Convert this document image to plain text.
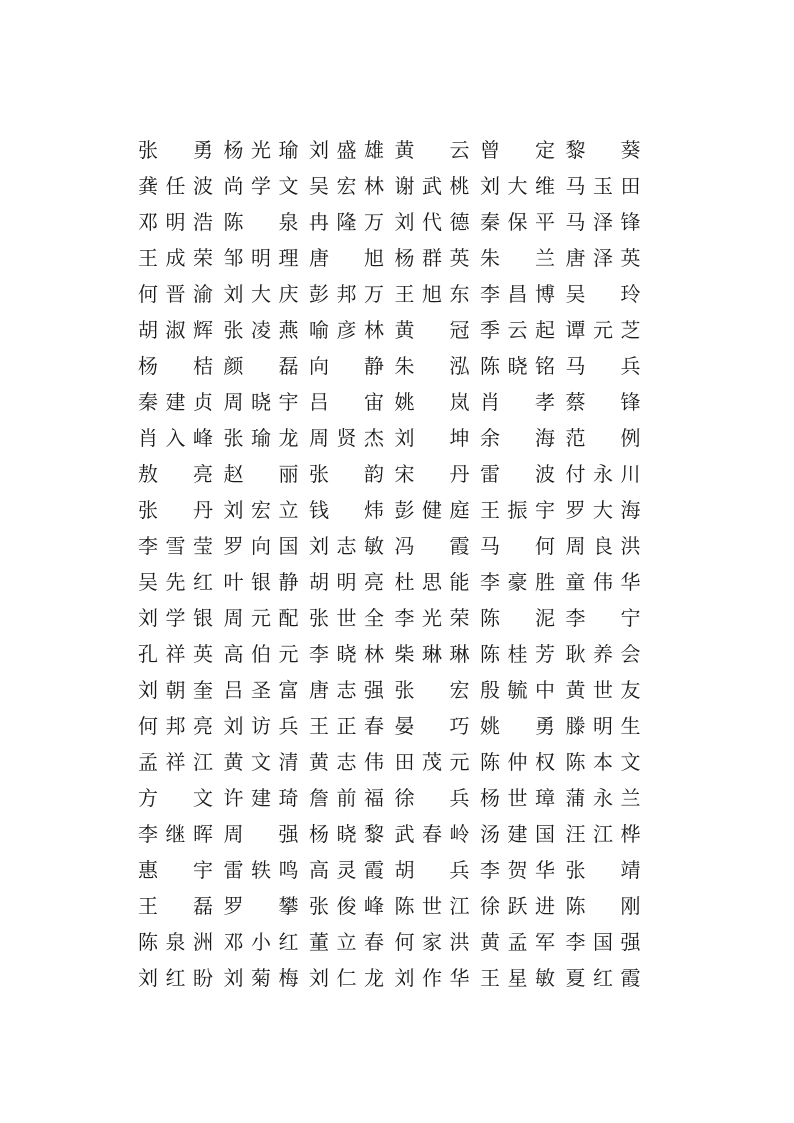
张 勇 杨 光 瑜 刘 盛 雄 黄 云 曾 定 黎 葵
龚 任 波 尚 学 文 吴 宏 林 谢 武 桃 刘 大 维 马 玉 田
邓 明 浩 陈 泉 冉 隆 万 刘 代 德 秦 保 平 马 泽 锋
王 成 荣 邹 明 理 唐 旭 杨 群 英 朱 兰 唐 泽 英
何 晋 渝 刘 大 庆 彭 邦 万 王 旭 东 李 昌 博 吴 玲
胡 淑 辉 张 凌 燕 喻 彦 林 黄 冠 季 云 起 谭 元 芝
杨 桔 颜 磊 向 静 朱 泓 陈 晓 铭 马 兵
秦 建 贞 周 晓 宇 吕 宙 姚 岚 肖 孝 蔡 锋
肖 入 峰 张 瑜 龙 周 贤 杰 刘 坤 余 海 范 例
敖 亮 赵 丽 张 韵 宋 丹 雷 波 付 永 川
张 丹 刘 宏 立 钱 炜 彭 健 庭 王 振 宇 罗 大 海
李 雪 莹 罗 向 国 刘 志 敏 冯 霞 马 何 周 良 洪
吴 先 红 叶 银 静 胡 明 亮 杜 思 能 李 豪 胜 童 伟 华
刘 学 银 周 元 配 张 世 全 李 光 荣 陈 泥 李 宁
孔 祥 英 高 伯 元 李 晓 林 柴 琳 琳 陈 桂 芳 耿 养 会
刘 朝 奎 吕 圣 富 唐 志 强 张 宏 殷 毓 中 黄 世 友
何 邦 亮 刘 访 兵 王 正 春 晏 巧 姚 勇 滕 明 生
孟 祥 江 黄 文 清 黄 志 伟 田 茂 元 陈 仲 权 陈 本 文
方 文 许 建 琦 詹 前 福 徐 兵 杨 世 璋 蒲 永 兰
李 继 晖 周 强 杨 晓 黎 武 春 岭 汤 建 国 汪 江 桦
惠 宇 雷 轶 鸣 高 灵 霞 胡 兵 李 贺 华 张 靖
王 磊 罗 攀 张 俊 峰 陈 世 江 徐 跃 进 陈 刚
陈 泉 洲 邓 小 红 董 立 春 何 家 洪 黄 孟 军 李 国 强
刘 红 盼 刘 菊 梅 刘 仁 龙 刘 作 华 王 星 敏 夏 红 霞
